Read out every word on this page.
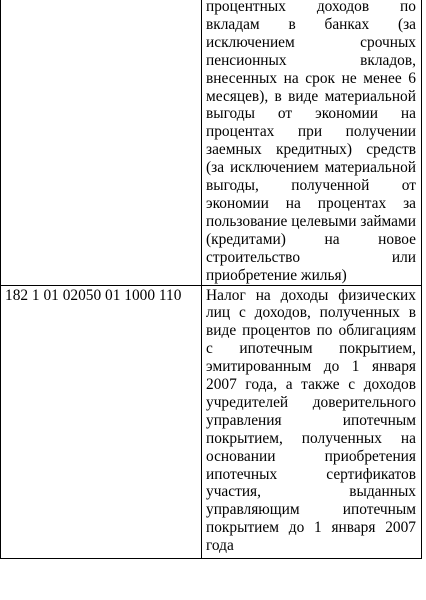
	процентных доходов по вкладам в банках (за исключением срочных пенсионных вкладов, внесенных на срок не менее 6 месяцев), в виде материальной выгоды от экономии на процентах при получении заемных кредитных) средств (за исключением материальной выгоды, полученной от экономии на процентах за пользование целевыми займами (кредитами) на новое строительство или приобретение жилья)
182 1 01 02050 01 1000 110	Налог на доходы физических лиц с доходов, полученных в виде процентов по облигациям с ипотечным покрытием, эмитированным до 1 января 2007 года, а также с доходов учредителей доверительного управления ипотечным покрытием, полученных на основании приобретения ипотечных сертификатов участия, выданных управляющим ипотечным покрытием до 1 января 2007 года
